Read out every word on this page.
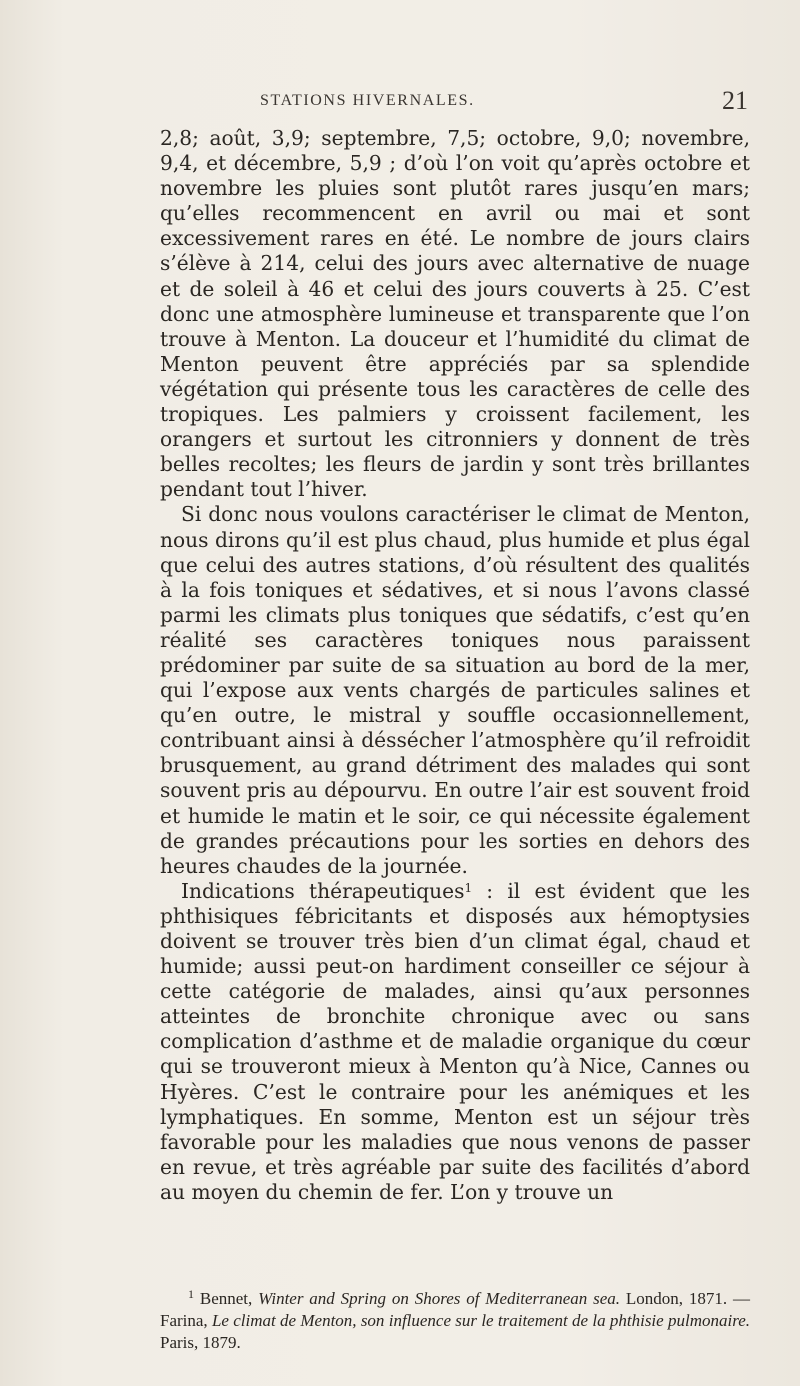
STATIONS HIVERNALES.	21

2,8; août, 3,9; septembre, 7,5; octobre, 9,0; novembre, 9,4, et décembre, 5,9 ; d’où l’on voit qu’après octobre et novembre les pluies sont plutôt rares jusqu’en mars; qu’elles recommencent en avril ou mai et sont excessivement rares en été. Le nombre de jours clairs s’élève à 214, celui des jours avec alternative de nuage et de soleil à 46 et celui des jours couverts à 25. C’est donc une atmosphère lumineuse et transparente que l’on trouve à Menton. La douceur et l’humidité du climat de Menton peuvent être appréciés par sa splendide végétation qui présente tous les caractères de celle des tropiques. Les palmiers y croissent facilement, les orangers et surtout les citronniers y donnent de très belles recoltes; les fleurs de jardin y sont très brillantes pendant tout l’hiver.

Si donc nous voulons caractériser le climat de Menton, nous dirons qu’il est plus chaud, plus humide et plus égal que celui des autres stations, d’où résultent des qualités à la fois toniques et sédatives, et si nous l’avons classé parmi les climats plus toniques que sédatifs, c’est qu’en réalité ses caractères toniques nous paraissent prédominer par suite de sa situation au bord de la mer, qui l’expose aux vents chargés de particules salines et qu’en outre, le mistral y souffle occasionnellement, contribuant ainsi à déssécher l’atmosphère qu’il refroidit brusquement, au grand détriment des malades qui sont souvent pris au dépourvu. En outre l’air est souvent froid et humide le matin et le soir, ce qui nécessite également de grandes précautions pour les sorties en dehors des heures chaudes de la journée.

Indications thérapeutiques$^1$ : il est évident que les phthisiques fébricitants et disposés aux hémoptysies doivent se trouver très bien d’un climat égal, chaud et humide; aussi peut-on hardiment conseiller ce séjour à cette catégorie de malades, ainsi qu’aux personnes atteintes de bronchite chronique avec ou sans complication d’asthme et de maladie organique du cœur qui se trouveront mieux à Menton qu’à Nice, Cannes ou Hyères. C’est le contraire pour les anémiques et les lymphatiques. En somme, Menton est un séjour très favorable pour les maladies que nous venons de passer en revue, et très agréable par suite des facilités d’abord au moyen du chemin de fer. L’on y trouve un

$^1$ Bennet, Winter and Spring on Shores of Mediterranean sea. London, 1871. — Farina, Le climat de Menton, son influence sur le traitement de la phthisie pulmonaire. Paris, 1879.
